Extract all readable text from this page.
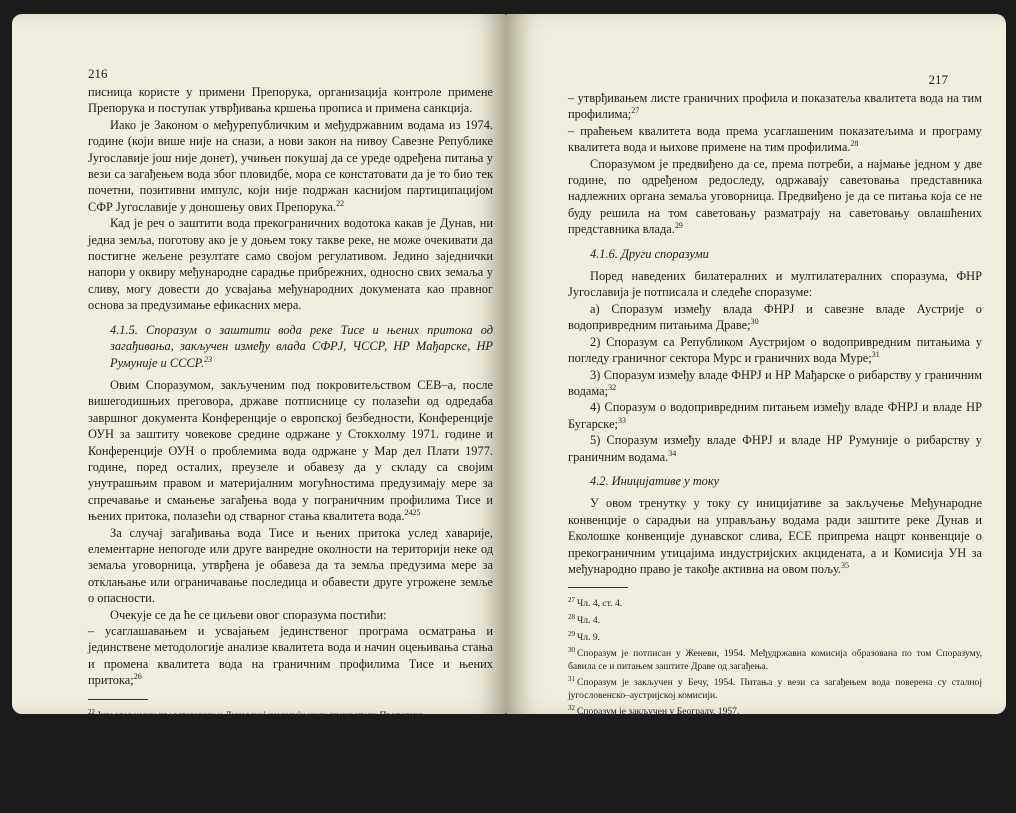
216

писница користе у примени Препорука, организација контроле примене Препорука и поступак утврђивања кршења прописа и примена санкција.

Иако је Законом о међурепубличким и међудржавним водама из 1974. године (који више није на снази, а нови закон на нивоу Савезне Републике Југославије још није донет), учињен покушај да се уреде одређена питања у вези са загађењем вода због пловидбе, мора се констатовати да је то био тек почетни, позитивни импулс, који није подржан каснијом партиципацијом СФР Југославије у доношењу ових Препорука.$^{22}$

Кад је реч о заштити вода прекограничних водотока какав је Дунав, ни једна земља, поготову ако је у доњем току такве реке, не може очекивати да постигне жељене резултате само својом регулативом. Једино заједнички напори у оквиру међународне сарадње прибрежних, односно свих земаља у сливу, могу довести до усвајања међународних докумената као правног основа за предузимање ефикасних мера.

4.1.5. Споразум о заштити вода реке Тисе и њених притока од загађивања, закључен између влада СФРЈ, ЧССР, НР Мађарске, НР Румуније и СССР.$^{23}$

Овим Споразумом, закљученим под покровитељством СЕВ–а, после вишегодишњих преговора, државе потписнице су полазећи од одредаба завршног документа Конференције о европској безбедности, Конференције ОУН за заштиту човекове средине одржане у Стокхолму 1971. године и Конференције ОУН о проблемима вода одржане у Мар дел Плати 1977. године, поред осталих, преузеле и обавезу да у складу са својим унутрашњим правом и материјалним могућностима предузимају мере за спречавање и смањење загађења вода у пограничним профилима Тисе и њених притока, полазећи од стварног стања квалитета вода.$^{2425}$

За случај загађивања вода Тисе и њених притока услед хаварије, елементарне непогоде или друге ванредне околности на територији неке од земаља уговорница, утврђена је обавеза да та земља предузима мере за отклањање или ограничавање последица и обавести друге угрожене земље о опасности.

Очекује се да ће се циљеви овог споразума постићи:

– усаглашавањем и усвајањем јединственог програма осматрања и јединствене методологије анализе квалитета вода и начин оцењивања стања и промена квалитета вода на граничним профилима Тисе и њених притока;$^{26}$

$^{22}$ Југословенски представници у Дунавској комисији нису прихватили Препоруке.

$^{23}$ Споразум је потписан у Сегедину, 28. маја 1986. Споразум је ратификован од стране СФРЈ после нешто више од три године од потписивања, али његова примена још увек није операционализована.

$^{24}$ Чл. 2. ст.1.

$^{25}$ Чл. 4. ст.3.

$^{26}$ Чл. 4. ст.3.

217

– утврђивањем листе граничних профила и показатеља квалитета вода на тим профилима;$^{27}$

– праћењем квалитета вода према усаглашеним показатељима и програму квалитета вода и њихове примене на тим профилима.$^{28}$

Споразумом је предвиђено да се, према потреби, а најмање једном у две године, по одређеном редоследу, одржавају саветовања представника надлежних органа земаља уговорница. Предвиђено је да се питања која се не буду решила на том саветовању разматрају на саветовању овлашћених представника влада.$^{29}$

4.1.6. Други споразуми

Поред наведених билатералних и мултилатералних споразума, ФНР Југославија је потписала и следеће споразуме:

а) Споразум између влада ФНРЈ и савезне владе Аустрије о водопривредним питањима Драве;$^{30}$

2) Споразум са Републиком Аустријом о водопривредним питањима у погледу граничног сектора Мурс и граничних вода Муре;$^{31}$

3) Споразум између владе ФНРЈ и НР Мађарске о рибарству у граничним водама;$^{32}$

4) Споразум о водопривредним питањем између владе ФНРЈ и владе НР Бугарске;$^{33}$

5) Споразум између владе ФНРЈ и владе НР Румуније о рибарству у граничним водама.$^{34}$

4.2. Иницијативе у току

У овом тренутку у току су иницијативе за закључење Међународне конвенције о сарадњи на управљању водама ради заштите реке Дунав и Еколошке конвенције дунавског слива, ЕСЕ припрема нацрт конвенције о прекограничним утицајима индустријских акцидената, а и Комисија УН за међународно право је такође активна на овом пољу.$^{35}$

$^{27}$ Чл. 4, ст. 4.

$^{28}$ Чл. 4.

$^{29}$ Чл. 9.

$^{30}$ Споразум је потписан у Женеви, 1954. Међудржавна комисија образована по том Споразуму, бавила се и питањем заштите Драве од загађења.

$^{31}$ Споразум је закључен у Бечу, 1954. Питања у вези са загађењем вода поверена су сталној југословенско–аустријској комисији.

$^{32}$ Споразум је закључен у Београду, 1957.

$^{33}$ Споразум је закључен у Софији, 1958.

$^{34}$ Споразум је закључен у Темишвару 1961.

$^{35}$ На 43. седници Комисије за међународно право (International Law Commission), одржаној у септембру 1991., привремено су прихваћени, након првог читања. DRAFT ARTICLES ON THE LAW OF THE NON–NAVIGATIONAL USES OF INTERNATIONAL
